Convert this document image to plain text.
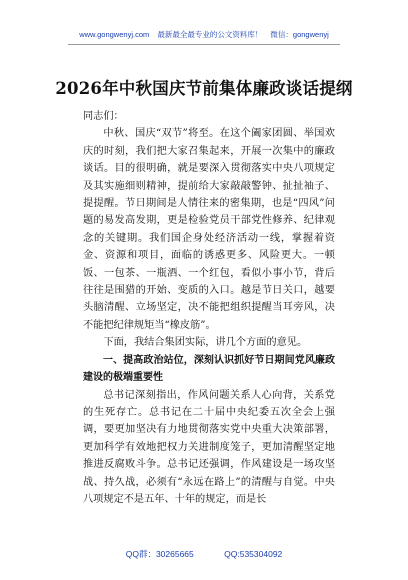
www.gongwenyj.com 最新最全最专业的公文资料库！ 微信：gongwenyj
2026年中秋国庆节前集体廉政谈话提纲

同志们：

中秋、国庆“双节”将至。在这个阖家团圆、举国欢庆的时刻，我们把大家召集起来，开展一次集中的廉政谈话。目的很明确，就是要深入贯彻落实中央八项规定及其实施细则精神，提前给大家敲敲警钟、扯扯袖子、提提醒。节日期间是人情往来的密集期，也是“四风”问题的易发高发期，更是检验党员干部党性修养、纪律观念的关键期。我们国企身处经济活动一线，掌握着资金、资源和项目，面临的诱惑更多、风险更大。一顿饭、一包茶、一瓶酒、一个红包，看似小事小节，背后往往是围猎的开始、变质的入口。越是节日关口，越要头脑清醒、立场坚定，决不能把组织提醒当耳旁风，决不能把纪律规矩当“橡皮筋”。

下面，我结合集团实际，讲几个方面的意见。

一、提高政治站位，深刻认识抓好节日期间党风廉政建设的极端重要性

总书记深刻指出，作风问题关系人心向背，关系党的生死存亡。总书记在二十届中央纪委五次全会上强调，要更加坚决有力地贯彻落实党中央重大决策部署，更加科学有效地把权力关进制度笼子，更加清醒坚定地推进反腐败斗争。总书记还强调，作风建设是一场攻坚战、持久战，必须有“永远在路上”的清醒与自觉。中央八项规定不是五年、十年的规定，而是长

QQ群：30265665	QQ:535304092
